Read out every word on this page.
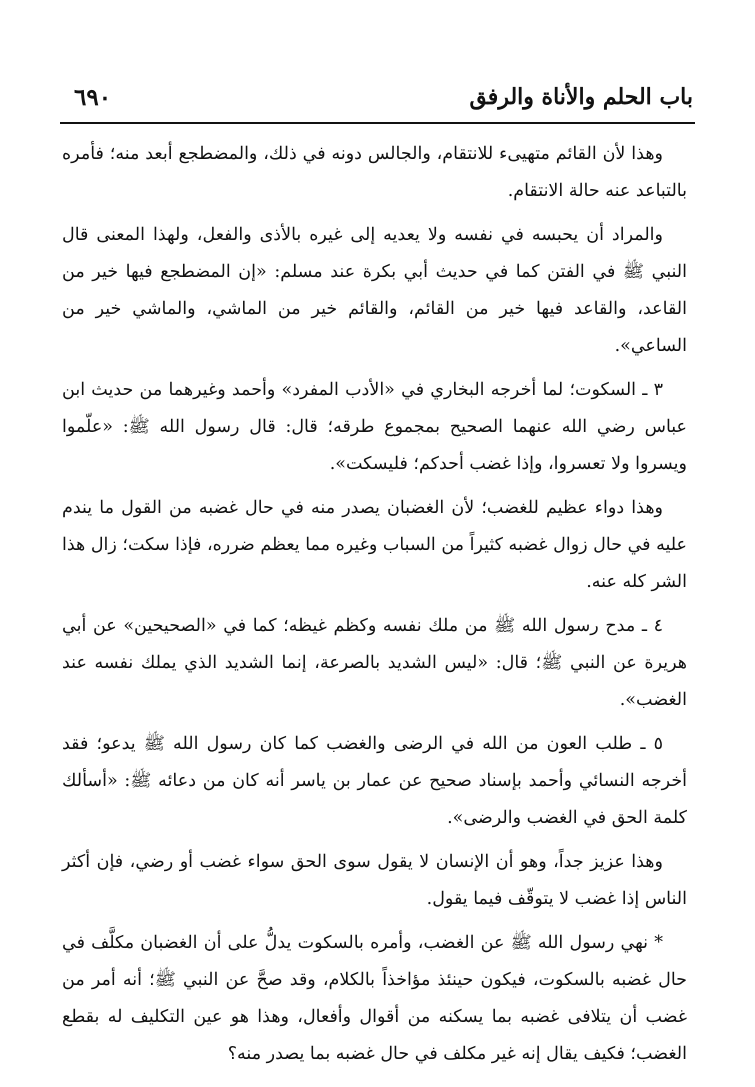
٦٩٠	باب الحلم والأناة والرفق

وهذا لأن القائم متهيىء للانتقام، والجالس دونه في ذلك، والمضطجع أبعد منه؛ فأمره بالتباعد عنه حالة الانتقام.

والمراد أن يحبسه في نفسه ولا يعديه إلى غيره بالأذى والفعل، ولهذا المعنى قال النبي ﷺ في الفتن كما في حديث أبي بكرة عند مسلم: «إن المضطجع فيها خير من القاعد، والقاعد فيها خير من القائم، والقائم خير من الماشي، والماشي خير من الساعي».

٣ ـ السكوت؛ لما أخرجه البخاري في «الأدب المفرد» وأحمد وغيرهما من حديث ابن عباس رضي الله عنهما الصحيح بمجموع طرقه؛ قال: قال رسول الله ﷺ: «علّموا ويسروا ولا تعسروا، وإذا غضب أحدكم؛ فليسكت».

وهذا دواء عظيم للغضب؛ لأن الغضبان يصدر منه في حال غضبه من القول ما يندم عليه في حال زوال غضبه كثيراً من السباب وغيره مما يعظم ضرره، فإذا سكت؛ زال هذا الشر كله عنه.

٤ ـ مدح رسول الله ﷺ من ملك نفسه وكظم غيظه؛ كما في «الصحيحين» عن أبي هريرة عن النبي ﷺ؛ قال: «ليس الشديد بالصرعة، إنما الشديد الذي يملك نفسه عند الغضب».

٥ ـ طلب العون من الله في الرضى والغضب كما كان رسول الله ﷺ يدعو؛ فقد أخرجه النسائي وأحمد بإسناد صحيح عن عمار بن ياسر أنه كان من دعائه ﷺ: «أسألك كلمة الحق في الغضب والرضى».

وهذا عزيز جداً، وهو أن الإنسان لا يقول سوى الحق سواء غضب أو رضي، فإن أكثر الناس إذا غضب لا يتوقّف فيما يقول.

* نهي رسول الله ﷺ عن الغضب، وأمره بالسكوت يدلُّ على أن الغضبان مكلَّف في حال غضبه بالسكوت، فيكون حينئذ مؤاخذاً بالكلام، وقد صحَّ عن النبي ﷺ؛ أنه أمر من غضب أن يتلافى غضبه بما يسكنه من أقوال وأفعال، وهذا هو عين التكليف له بقطع الغضب؛ فكيف يقال إنه غير مكلف في حال غضبه بما يصدر منه؟
